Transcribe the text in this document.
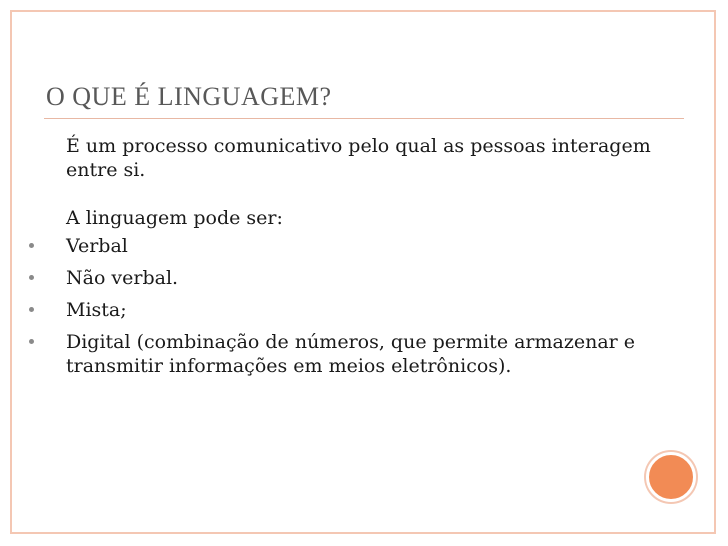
O QUE É LINGUAGEM?

É um processo comunicativo pelo qual as pessoas interagem entre si.

A linguagem pode ser:

Verbal
Não verbal.
Mista;
Digital (combinação de números, que permite armazenar e transmitir informações em meios eletrônicos).
